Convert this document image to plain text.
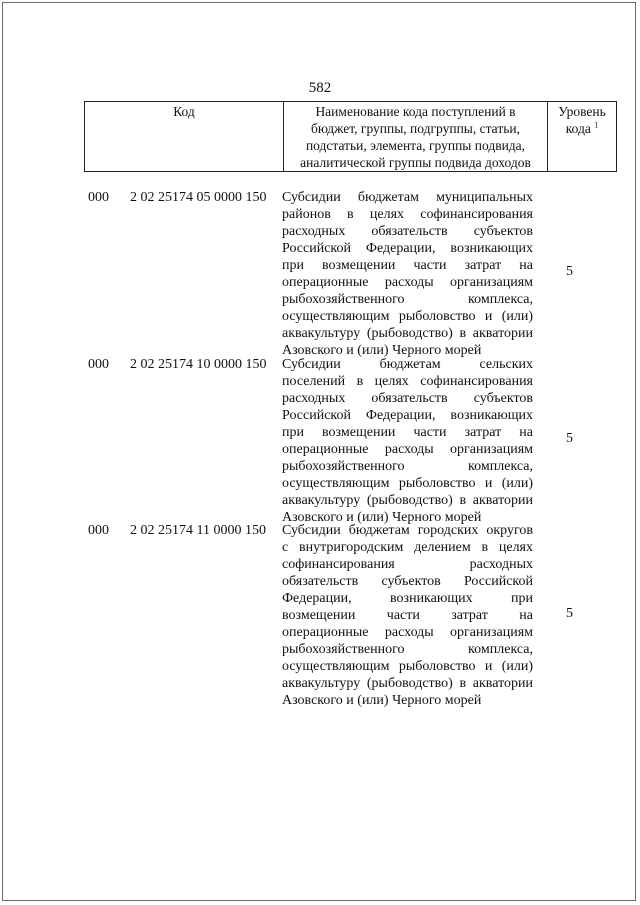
582
Код	Наименование кода поступлений в
бюджет, группы, подгруппы, статьи,
подстатьи, элемента, группы подвида,
аналитической группы подвида доходов

Уровень
кода $^1$
000 2 02 25174 05 0000 150 Субсидии бюджетам муниципальных
районов в целях софинансирования
расходных обязательств субъектов
Российской Федерации, возникающих
при возмещении части затрат на
операционные расходы организациям
рыбохозяйственного комплекса,
осуществляющим рыболовство и (или)
аквакультуру (рыбоводство) в акватории
Азовского и (или) Черного морей
5
000 2 02 25174 10 0000 150 Субсидии бюджетам сельских
поселений в целях софинансирования
расходных обязательств субъектов
Российской Федерации, возникающих
при возмещении части затрат на
операционные расходы организациям
рыбохозяйственного комплекса,
осуществляющим рыболовство и (или)
аквакультуру (рыбоводство) в акватории
Азовского и (или) Черного морей
5
000 2 02 25174 11 0000 150 Субсидии бюджетам городских округов
с внутригородским делением в целях
софинансирования расходных
обязательств субъектов Российской
Федерации, возникающих при
возмещении части затрат на
операционные расходы организациям
рыбохозяйственного комплекса,
осуществляющим рыболовство и (или)
аквакультуру (рыбоводство) в акватории
Азовского и (или) Черного морей
5
